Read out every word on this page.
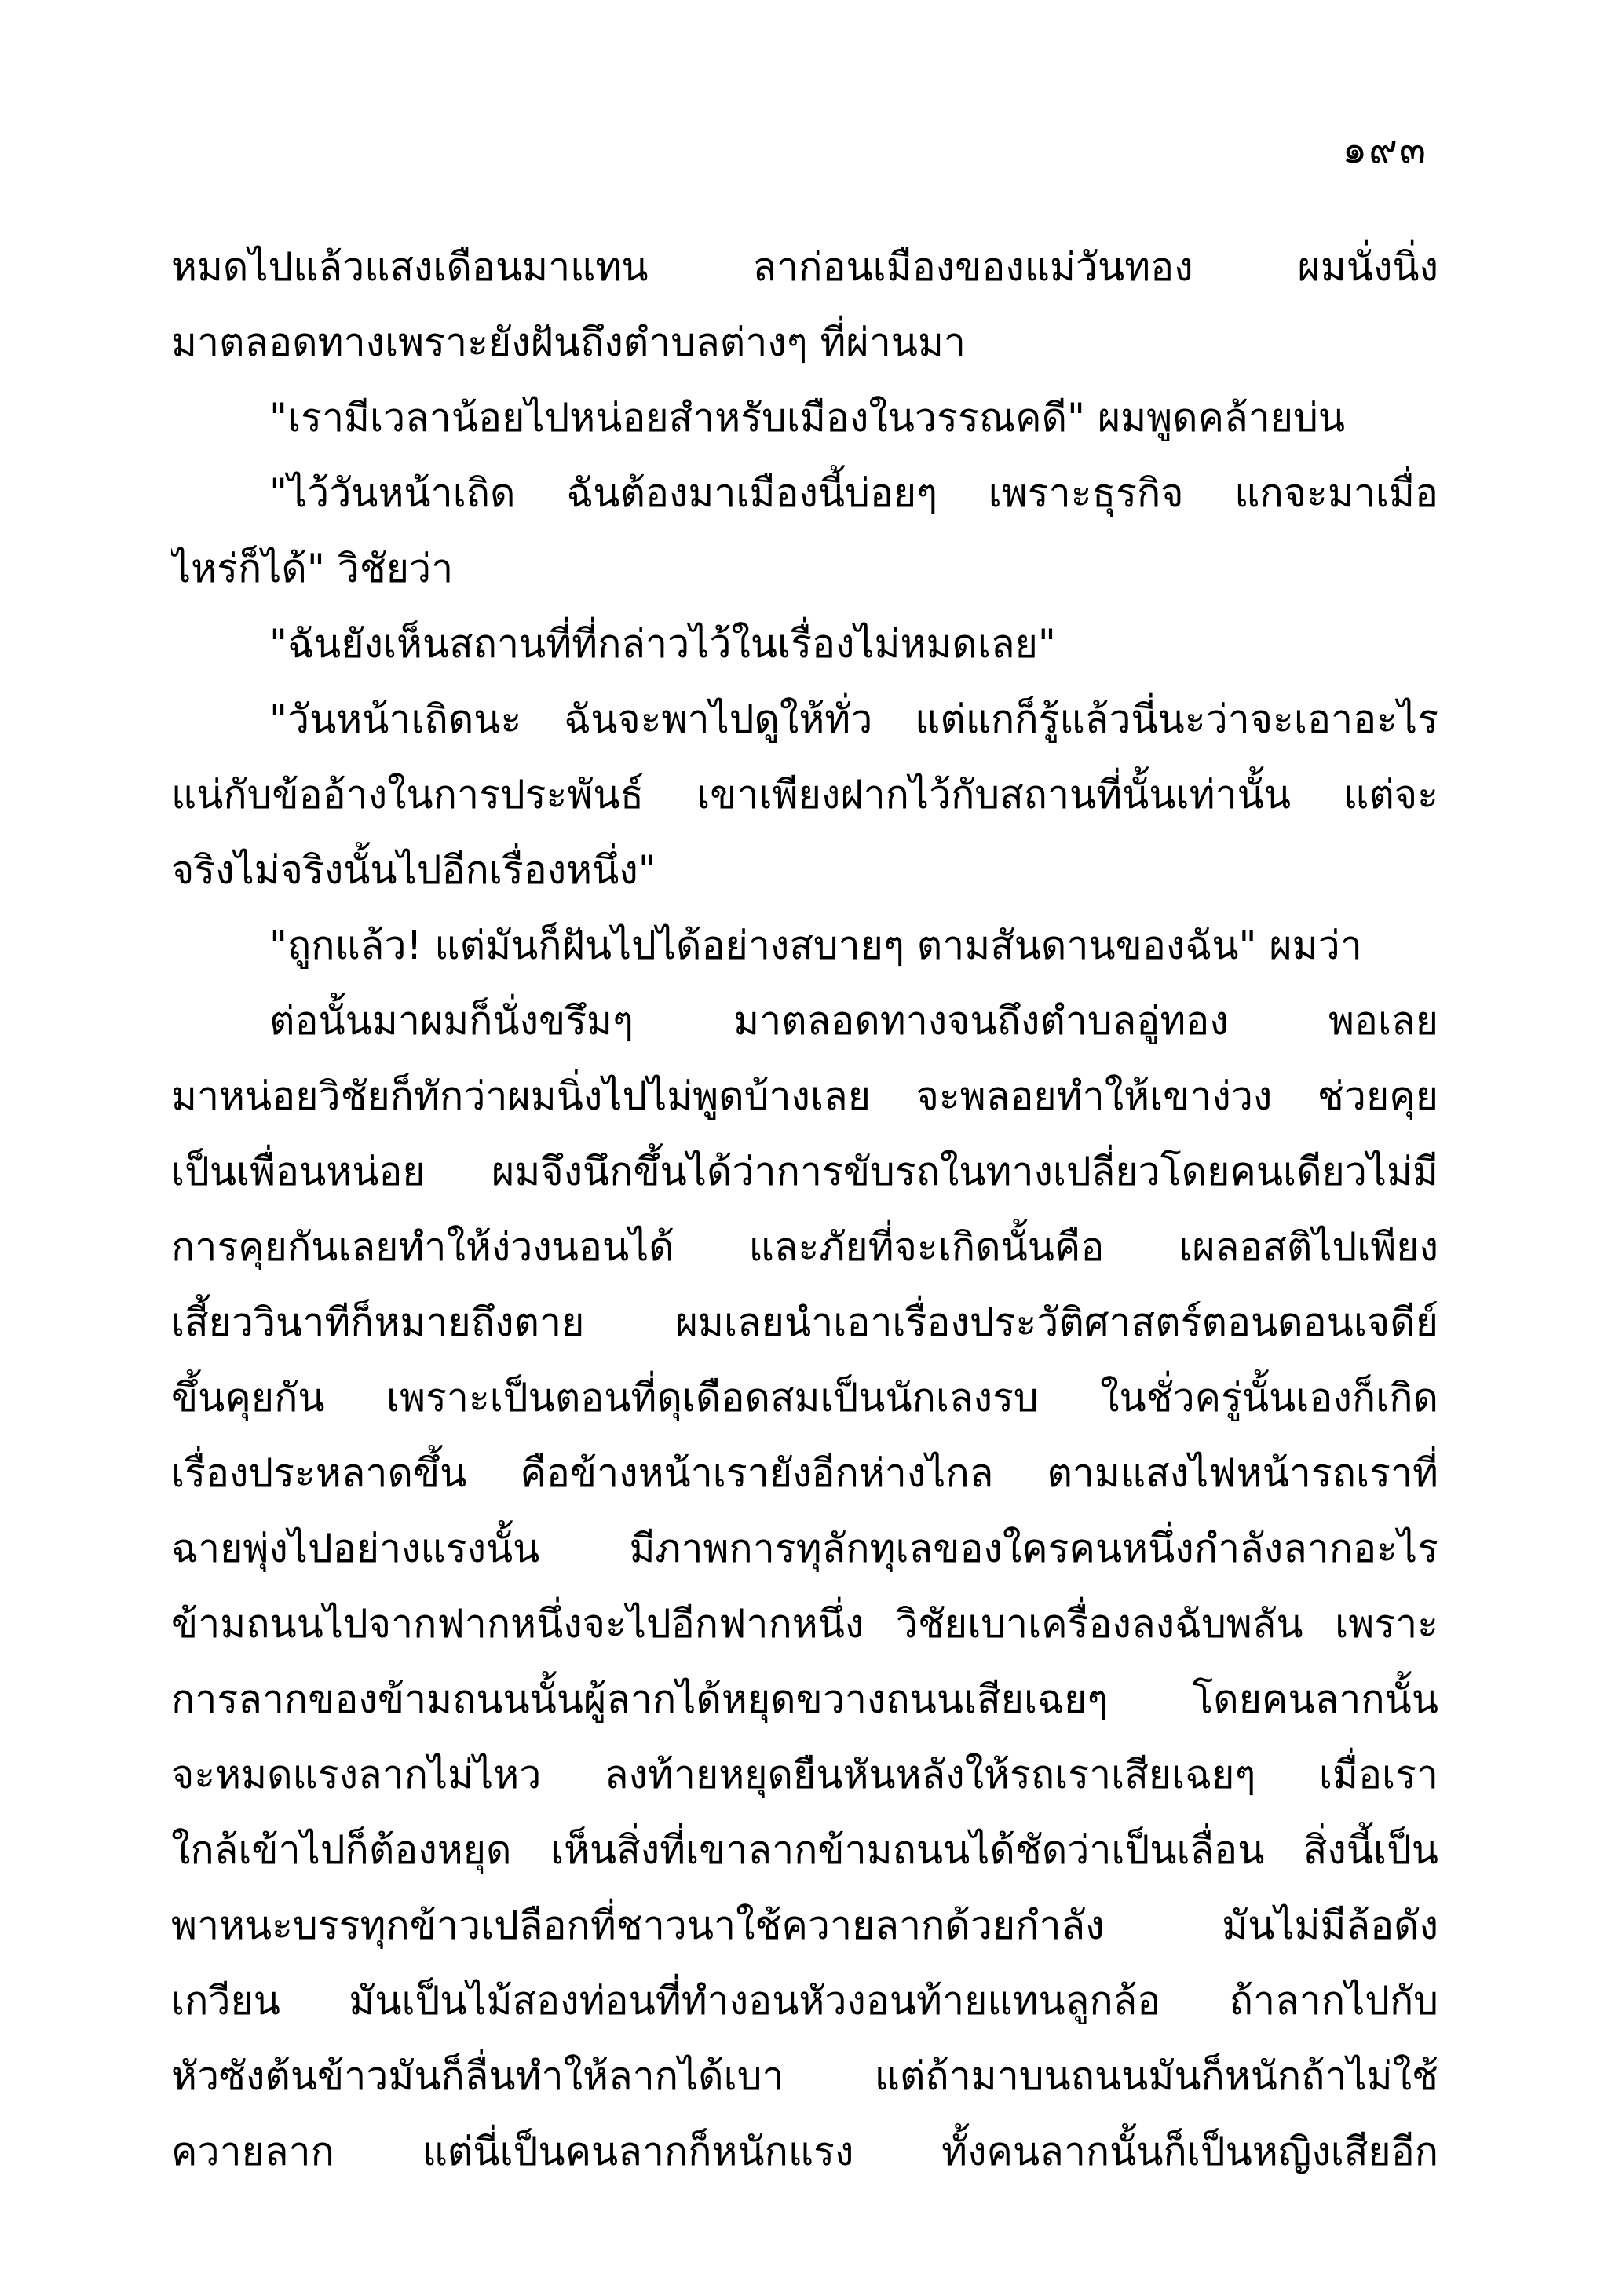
๑๙๓
หมดไปแล้วแสงเดือนมาแทน ลาก่อนเมืองของแม่วันทอง ผมนั่งนิ่ง
มาตลอดทางเพราะยังฝันถึงตำบลต่างๆ ที่ผ่านมา
"เรามีเวลาน้อยไปหน่อยสำหรับเมืองในวรรณคดี" ผมพูดคล้ายบ่น
"ไว้วันหน้าเถิด ฉันต้องมาเมืองนี้บ่อยๆ เพราะธุรกิจ แกจะมาเมื่อ
ไหร่ก็ได้" วิชัยว่า
"ฉันยังเห็นสถานที่ที่กล่าวไว้ในเรื่องไม่หมดเลย"
"วันหน้าเถิดนะ ฉันจะพาไปดูให้ทั่ว แต่แกก็รู้แล้วนี่นะว่าจะเอาอะไร
แน่กับข้ออ้างในการประพันธ์ เขาเพียงฝากไว้กับสถานที่นั้นเท่านั้น แต่จะ
จริงไม่จริงนั้นไปอีกเรื่องหนึ่ง"
"ถูกแล้ว! แต่มันก็ฝันไปได้อย่างสบายๆ ตามสันดานของฉัน" ผมว่า
ต่อนั้นมาผมก็นั่งขรึมๆ มาตลอดทางจนถึงตำบลอู่ทอง พอเลย
มาหน่อยวิชัยก็ทักว่าผมนิ่งไปไม่พูดบ้างเลย จะพลอยทำให้เขาง่วง ช่วยคุย
เป็นเพื่อนหน่อย ผมจึงนึกขึ้นได้ว่าการขับรถในทางเปลี่ยวโดยคนเดียวไม่มี
การคุยกันเลยทำให้ง่วงนอนได้ และภัยที่จะเกิดนั้นคือ เผลอสติไปเพียง
เสี้ยววินาทีก็หมายถึงตาย ผมเลยนำเอาเรื่องประวัติศาสตร์ตอนดอนเจดีย์
ขึ้นคุยกัน เพราะเป็นตอนที่ดุเดือดสมเป็นนักเลงรบ ในชั่วครู่นั้นเองก็เกิด
เรื่องประหลาดขึ้น คือข้างหน้าเรายังอีกห่างไกล ตามแสงไฟหน้ารถเราที่
ฉายพุ่งไปอย่างแรงนั้น มีภาพการทุลักทุเลของใครคนหนึ่งกำลังลากอะไร
ข้ามถนนไปจากฟากหนึ่งจะไปอีกฟากหนึ่ง วิชัยเบาเครื่องลงฉับพลัน เพราะ
การลากของข้ามถนนนั้นผู้ลากได้หยุดขวางถนนเสียเฉยๆ โดยคนลากนั้น
จะหมดแรงลากไม่ไหว ลงท้ายหยุดยืนหันหลังให้รถเราเสียเฉยๆ เมื่อเรา
ใกล้เข้าไปก็ต้องหยุด เห็นสิ่งที่เขาลากข้ามถนนได้ชัดว่าเป็นเลื่อน สิ่งนี้เป็น
พาหนะบรรทุกข้าวเปลือกที่ชาวนาใช้ควายลากด้วยกำลัง มันไม่มีล้อดัง
เกวียน มันเป็นไม้สองท่อนที่ทำงอนหัวงอนท้ายแทนลูกล้อ ถ้าลากไปกับ
หัวซังต้นข้าวมันก็ลื่นทำให้ลากได้เบา แต่ถ้ามาบนถนนมันก็หนักถ้าไม่ใช้
ควายลาก แต่นี่เป็นคนลากก็หนักแรง ทั้งคนลากนั้นก็เป็นหญิงเสียอีก
